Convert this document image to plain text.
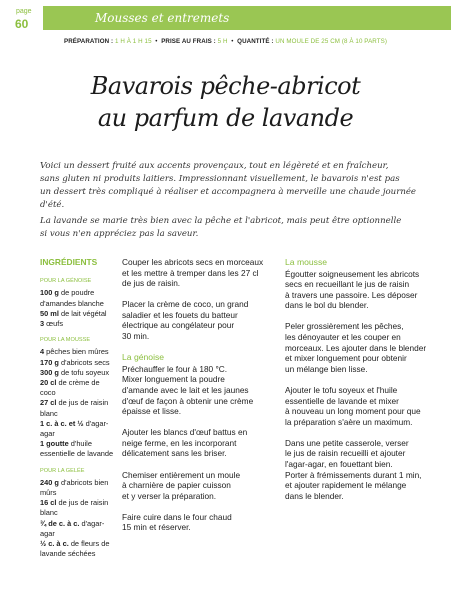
page
60	Mousses et entremets
PRÉPARATION : 1 H À 1 H 15  •  PRISE AU FRAIS : 5 H  •  QUANTITÉ : UN MOULE DE 25 CM (8 À 10 PARTS)
Bavarois pêche-abricot
au parfum de lavande

Voici un dessert fruité aux accents provençaux, tout en légèreté et en fraîcheur,
sans gluten ni produits laitiers. Impressionnant visuellement, le bavarois n'est pas
un dessert très compliqué à réaliser et accompagnera à merveille une chaude journée d'été.

La lavande se marie très bien avec la pêche et l'abricot, mais peut être optionnelle
si vous n'en appréciez pas la saveur.

INGRÉDIENTS
POUR LA GÉNOISE
100 g de poudre d'amandes blanche
50 ml de lait végétal
3 œufs
POUR LA MOUSSE
4 pêches bien mûres
170 g d'abricots secs
300 g de tofu soyeux
20 cl de crème de coco
27 cl de jus de raisin blanc
1 c. à c. et ½ d'agar-agar
1 goutte d'huile essentielle de lavande
POUR LA GELÉE
240 g d'abricots bien mûrs
16 cl de jus de raisin blanc
¾ de c. à c. d'agar-agar
½ c. à c. de fleurs de lavande séchées

Couper les abricots secs en morceaux
et les mettre à tremper dans les 27 cl
de jus de raisin.

Placer la crème de coco, un grand
saladier et les fouets du batteur
électrique au congélateur pour
30 min.

La génoise

Préchauffer le four à 180 °C.
Mixer longuement la poudre
d'amande avec le lait et les jaunes
d'œuf de façon à obtenir une crème
épaisse et lisse.

Ajouter les blancs d'œuf battus en
neige ferme, en les incorporant
délicatement sans les briser.

Chemiser entièrement un moule
à charnière de papier cuisson
et y verser la préparation.

Faire cuire dans le four chaud
15 min et réserver.

La mousse

Égoutter soigneusement les abricots
secs en recueillant le jus de raisin
à travers une passoire. Les déposer
dans le bol du blender.

Peler grossièrement les pêches,
les dénoyauter et les couper en
morceaux. Les ajouter dans le blender
et mixer longuement pour obtenir
un mélange bien lisse.

Ajouter le tofu soyeux et l'huile
essentielle de lavande et mixer
à nouveau un long moment pour que
la préparation s'aère un maximum.

Dans une petite casserole, verser
le jus de raisin recueilli et ajouter
l'agar-agar, en fouettant bien.
Porter à frémissements durant 1 min,
et ajouter rapidement le mélange
dans le blender.
